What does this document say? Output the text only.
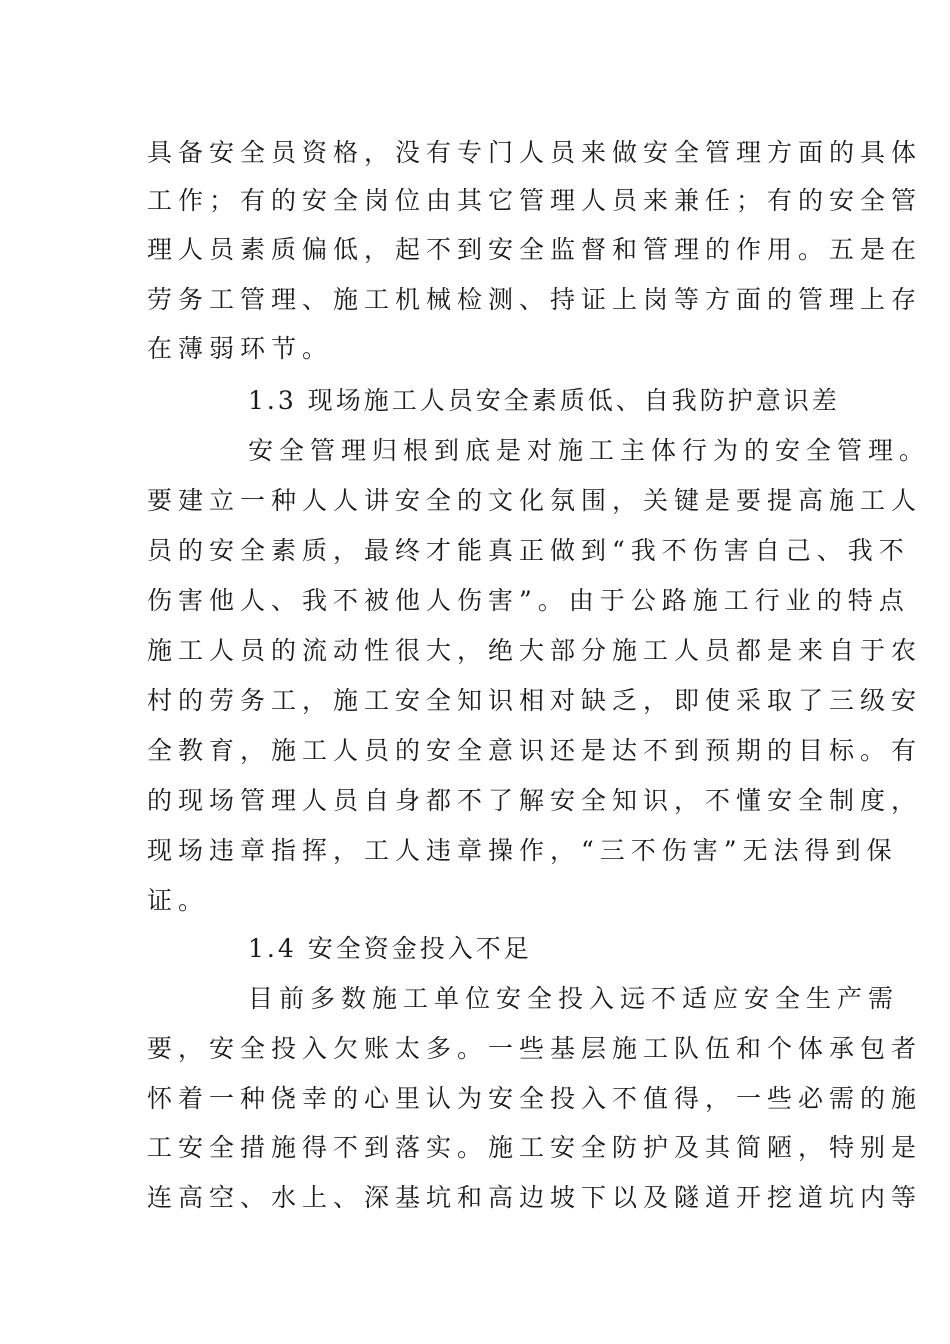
具备安全员资格，没有专门人员来做安全管理方面的具体
工作；有的安全岗位由其它管理人员来兼任；有的安全管
理人员素质偏低，起不到安全监督和管理的作用。五是在
劳务工管理、施工机械检测、持证上岗等方面的管理上存
在薄弱环节。
1.3 现场施工人员安全素质低、自我防护意识差
安全管理归根到底是对施工主体行为的安全管理。
要建立一种人人讲安全的文化氛围，关键是要提高施工人
员的安全素质，最终才能真正做到“我不伤害自己、我不
伤害他人、我不被他人伤害”。由于公路施工行业的特点
施工人员的流动性很大，绝大部分施工人员都是来自于农
村的劳务工，施工安全知识相对缺乏，即使采取了三级安
全教育，施工人员的安全意识还是达不到预期的目标。有
的现场管理人员自身都不了解安全知识，不懂安全制度，
现场违章指挥，工人违章操作，“三不伤害”无法得到保
证。
1.4 安全资金投入不足
目前多数施工单位安全投入远不适应安全生产需
要，安全投入欠账太多。一些基层施工队伍和个体承包者
怀着一种侥幸的心里认为安全投入不值得，一些必需的施
工安全措施得不到落实。施工安全防护及其简陋，特别是
连高空、水上、深基坑和高边坡下以及隧道开挖道坑内等
